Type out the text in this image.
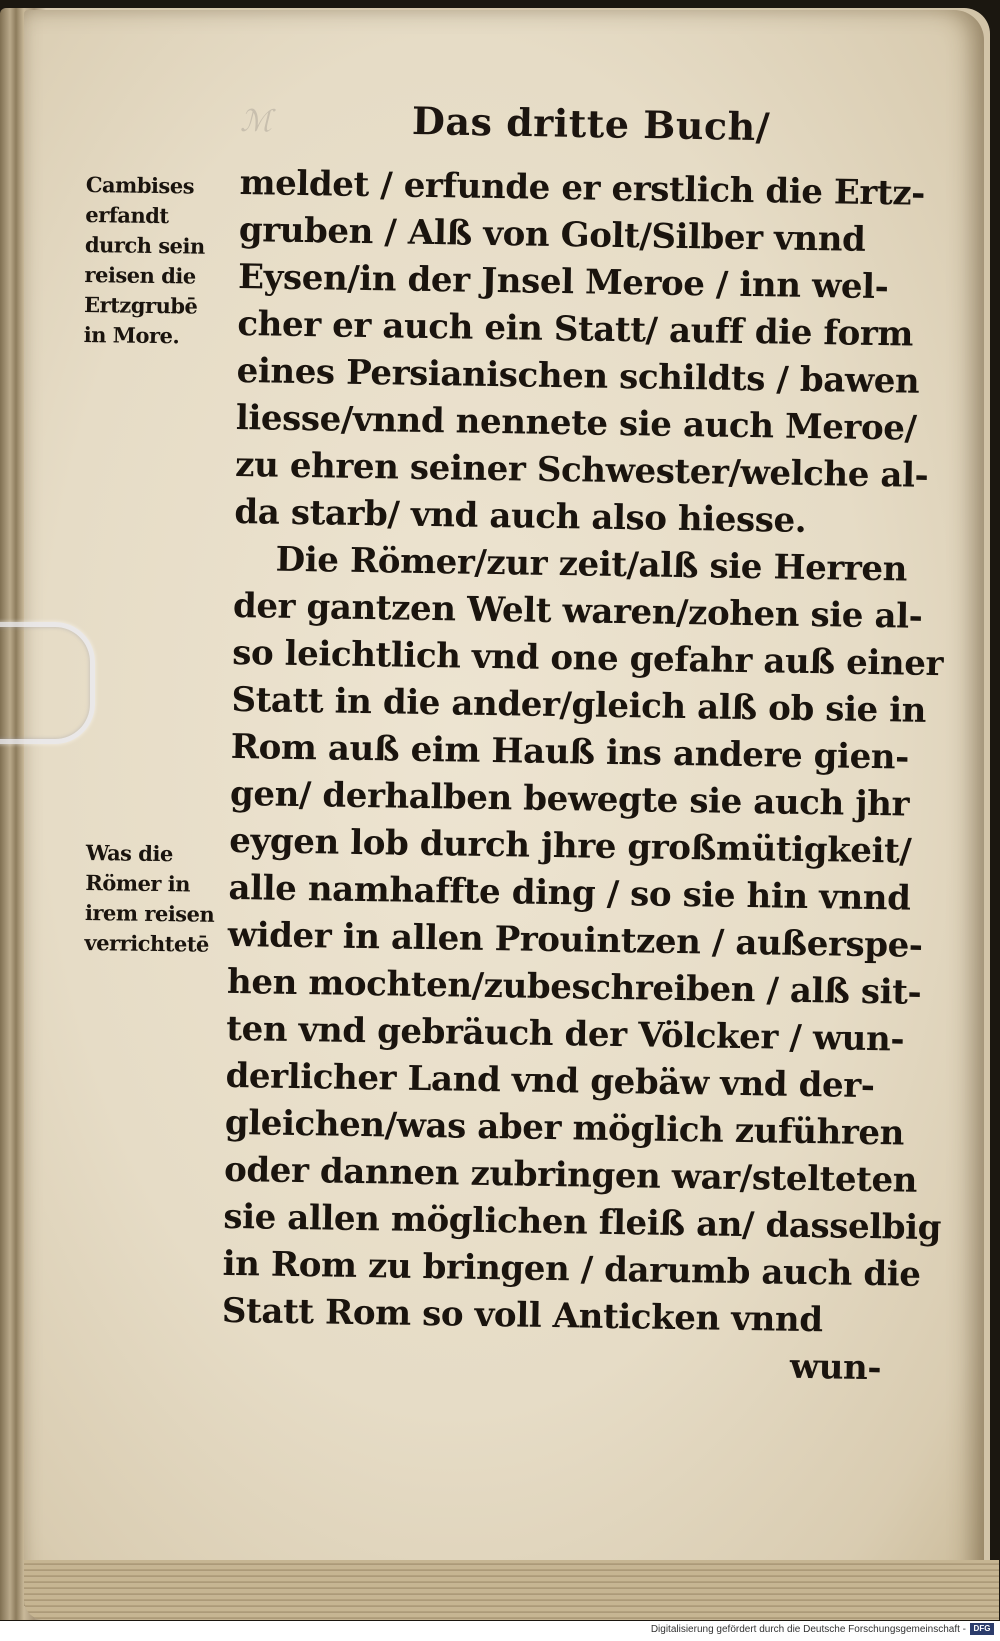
ℳ	Das dritte Buch/
Cambises
erfandt
durch sein
reisen die
Ertzgrubē
in More.
Was die
Römer in
irem reisen
verrichtetē
meldet / erfunde er erstlich die Ertz-
gruben / Alß von Golt/Silber vnnd
Eysen/in der Jnsel Meroe / inn wel-
cher er auch ein Statt/ auff die form
eines Persianischen schildts / bawen
liesse/vnnd nennete sie auch Meroe/
zu ehren seiner Schwester/welche al-
da starb/ vnd auch also hiesse.
Die Römer/zur zeit/alß sie Herren
der gantzen Welt waren/zohen sie al-
so leichtlich vnd one gefahr auß einer
Statt in die ander/gleich alß ob sie in
Rom auß eim Hauß ins andere gien-
gen/ derhalben bewegte sie auch jhr
eygen lob durch jhre großmütigkeit/
alle namhaffte ding / so sie hin vnnd
wider in allen Prouintzen / außerspe-
hen mochten/zubeschreiben / alß sit-
ten vnd gebräuch der Völcker / wun-
derlicher Land vnd gebäw vnd der-
gleichen/was aber möglich zuführen
oder dannen zubringen war/stelteten
sie allen möglichen fleiß an/ dasselbig
in Rom zu bringen / darumb auch die
Statt Rom so voll Anticken vnnd
wun-
Digitalisierung gefördert durch die Deutsche Forschungsgemeinschaft - DFG
